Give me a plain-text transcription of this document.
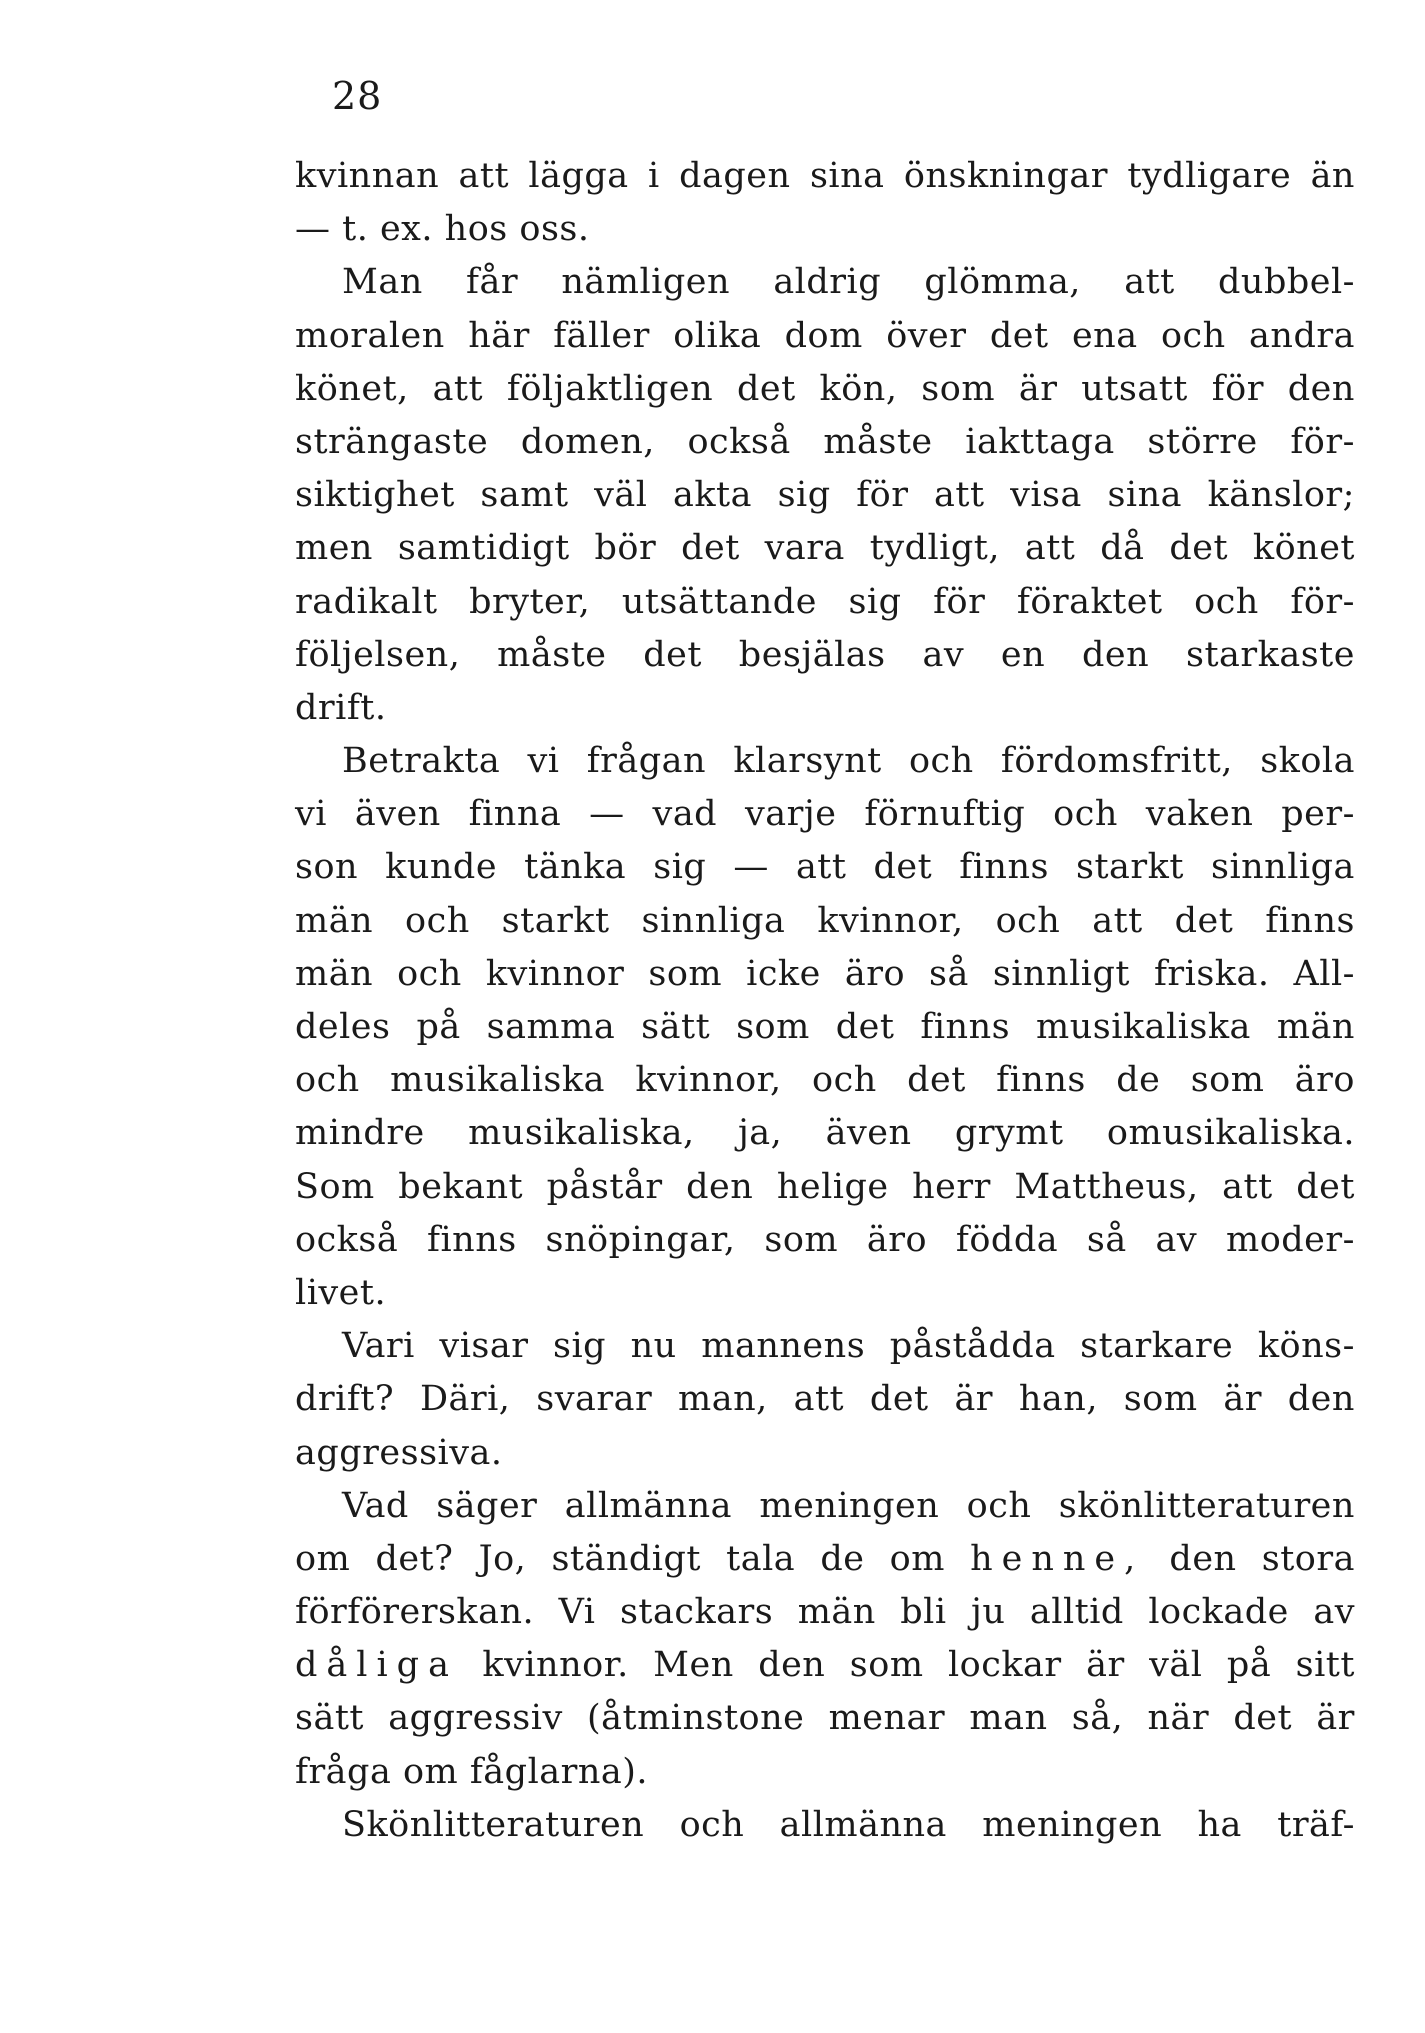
28
kvinnan att lägga i dagen sina önskningar tydligare än
— t. ex. hos oss.
Man får nämligen aldrig glömma, att dubbel-
moralen här fäller olika dom över det ena och andra
könet, att följaktligen det kön, som är utsatt för den
strängaste domen, också måste iakttaga större för-
siktighet samt väl akta sig för att visa sina känslor;
men samtidigt bör det vara tydligt, att då det könet
radikalt bryter, utsättande sig för föraktet och för-
följelsen, måste det besjälas av en den starkaste
drift.
Betrakta vi frågan klarsynt och fördomsfritt, skola
vi även finna — vad varje förnuftig och vaken per-
son kunde tänka sig — att det finns starkt sinnliga
män och starkt sinnliga kvinnor, och att det finns
män och kvinnor som icke äro så sinnligt friska. All-
deles på samma sätt som det finns musikaliska män
och musikaliska kvinnor, och det finns de som äro
mindre musikaliska, ja, även grymt omusikaliska.
Som bekant påstår den helige herr Mattheus, att det
också finns snöpingar, som äro födda så av moder-
livet.
Vari visar sig nu mannens påstådda starkare köns-
drift? Däri, svarar man, att det är han, som är den
aggressiva.
Vad säger allmänna meningen och skönlitteraturen
om det? Jo, ständigt tala de om henne, den stora
förförerskan. Vi stackars män bli ju alltid lockade av
dåliga kvinnor. Men den som lockar är väl på sitt
sätt aggressiv (åtminstone menar man så, när det är
fråga om fåglarna).
Skönlitteraturen och allmänna meningen ha träf-
